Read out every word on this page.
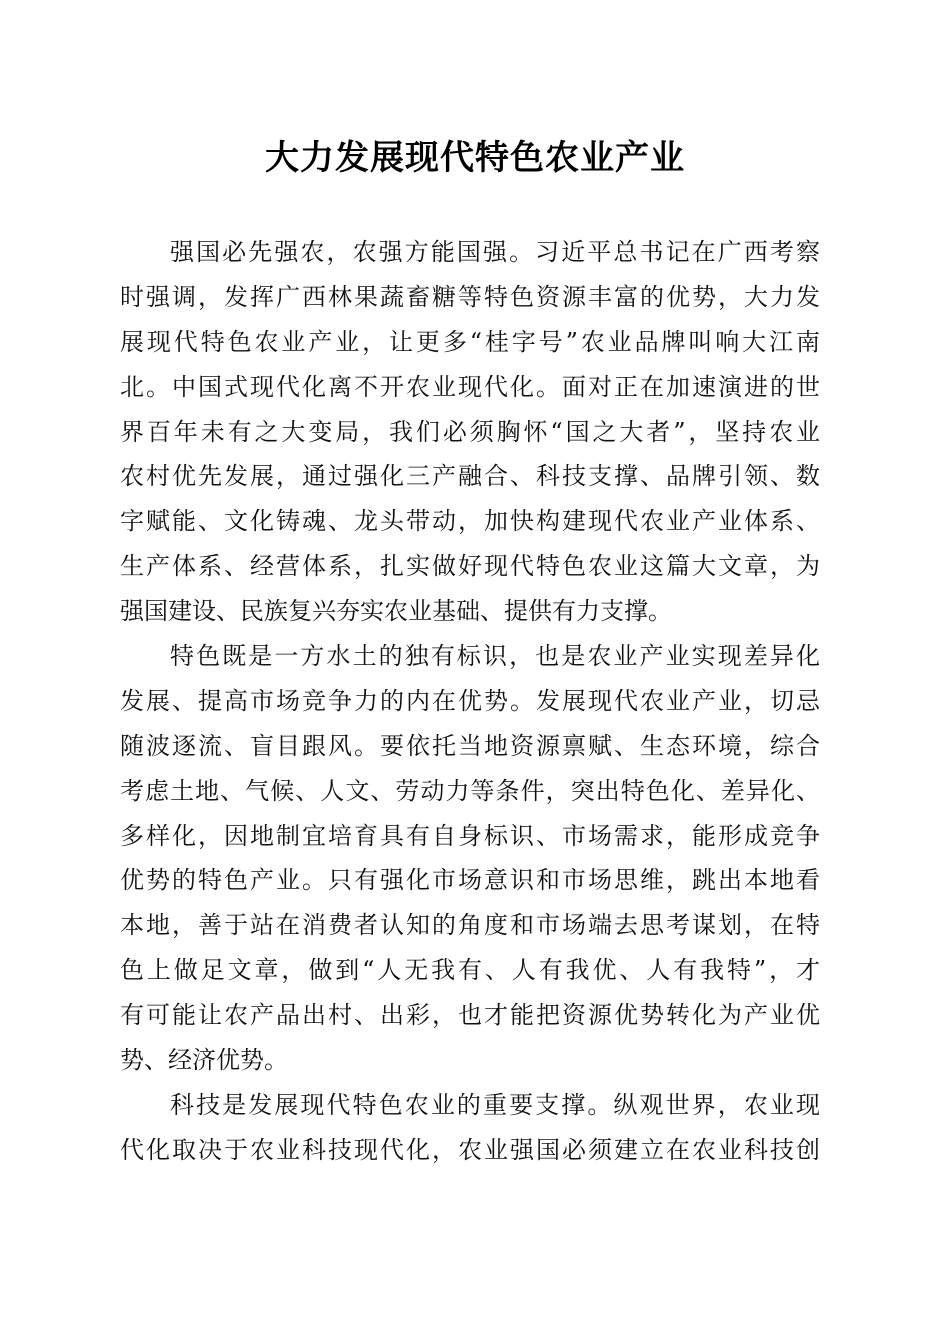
大力发展现代特色农业产业
强国必先强农，农强方能国强。习近平总书记在广西考察
时强调，发挥广西林果蔬畜糖等特色资源丰富的优势，大力发
展现代特色农业产业，让更多“桂字号”农业品牌叫响大江南
北。中国式现代化离不开农业现代化。面对正在加速演进的世
界百年未有之大变局，我们必须胸怀“国之大者”，坚持农业
农村优先发展，通过强化三产融合、科技支撑、品牌引领、数
字赋能、文化铸魂、龙头带动，加快构建现代农业产业体系、
生产体系、经营体系，扎实做好现代特色农业这篇大文章，为
强国建设、民族复兴夯实农业基础、提供有力支撑。
特色既是一方水土的独有标识，也是农业产业实现差异化
发展、提高市场竞争力的内在优势。发展现代农业产业，切忌
随波逐流、盲目跟风。要依托当地资源禀赋、生态环境，综合
考虑土地、气候、人文、劳动力等条件，突出特色化、差异化、
多样化，因地制宜培育具有自身标识、市场需求，能形成竞争
优势的特色产业。只有强化市场意识和市场思维，跳出本地看
本地，善于站在消费者认知的角度和市场端去思考谋划，在特
色上做足文章，做到“人无我有、人有我优、人有我特”，才
有可能让农产品出村、出彩，也才能把资源优势转化为产业优
势、经济优势。
科技是发展现代特色农业的重要支撑。纵观世界，农业现
代化取决于农业科技现代化，农业强国必须建立在农业科技创
